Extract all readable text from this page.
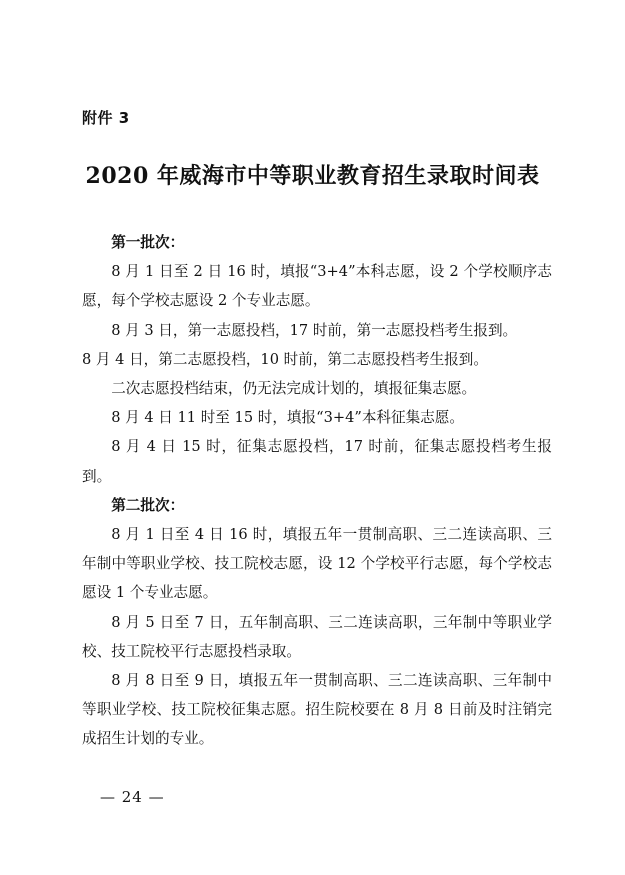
附件 3
2020 年威海市中等职业教育招生录取时间表

第一批次：

8 月 1 日至 2 日 16 时，填报“3+4”本科志愿，设 2 个学校顺序志愿，每个学校志愿设 2 个专业志愿。

8 月 3 日，第一志愿投档，17 时前，第一志愿投档考生报到。

8 月 4 日，第二志愿投档，10 时前，第二志愿投档考生报到。

二次志愿投档结束，仍无法完成计划的，填报征集志愿。

8 月 4 日 11 时至 15 时，填报“3+4”本科征集志愿。

8 月 4 日 15 时，征集志愿投档，17 时前，征集志愿投档考生报到。

第二批次：

8 月 1 日至 4 日 16 时，填报五年一贯制高职、三二连读高职、三年制中等职业学校、技工院校志愿，设 12 个学校平行志愿，每个学校志愿设 1 个专业志愿。

8 月 5 日至 7 日，五年制高职、三二连读高职，三年制中等职业学校、技工院校平行志愿投档录取。

8 月 8 日至 9 日，填报五年一贯制高职、三二连读高职、三年制中等职业学校、技工院校征集志愿。招生院校要在 8 月 8 日前及时注销完成招生计划的专业。

— 24 —
